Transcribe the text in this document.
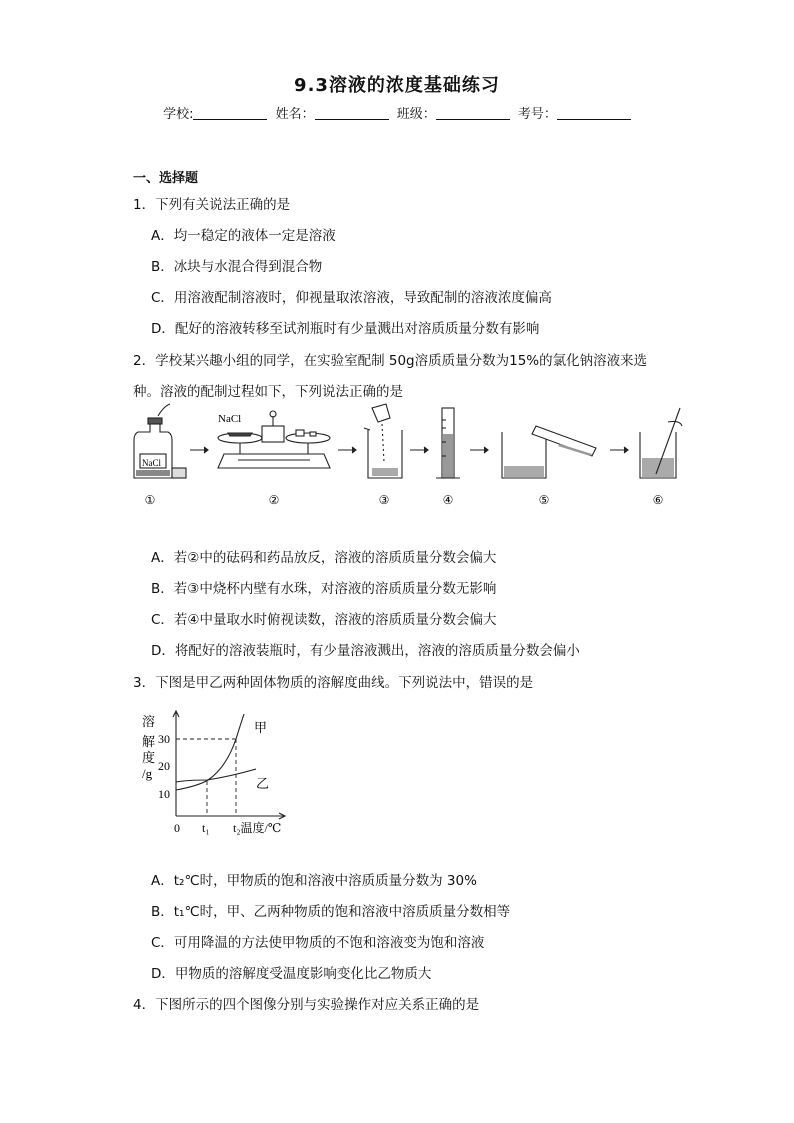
9.3溶液的浓度基础练习
学校:	姓名：	班级：	考号：
一、选择题
1．下列有关说法正确的是
A．均一稳定的液体一定是溶液
B．冰块与水混合得到混合物
C．用溶液配制溶液时，仰视量取浓溶液，导致配制的溶液浓度偏高
D．配好的溶液转移至试剂瓶时有少量溅出对溶质质量分数有影响
2．学校某兴趣小组的同学，在实验室配制 50g溶质质量分数为15%的氯化钠溶液来选
种。溶液的配制过程如下，下列说法正确的是
NaCl
NaCl
①	②	③	④	⑤	⑥
A．若②中的砝码和药品放反，溶液的溶质质量分数会偏大
B．若③中烧杯内壁有水珠，对溶液的溶质质量分数无影响
C．若④中量取水时俯视读数，溶液的溶质质量分数会偏大
D．将配好的溶液装瓶时，有少量溶液溅出，溶液的溶质质量分数会偏小
3．下图是甲乙两种固体物质的溶解度曲线。下列说法中，错误的是
溶
解
度
/g
30
20
10
0 t₁ t₂温度/℃
甲
乙
A．t₂℃时，甲物质的饱和溶液中溶质质量分数为 30%
B．t₁℃时，甲、乙两种物质的饱和溶液中溶质质量分数相等
C．可用降温的方法使甲物质的不饱和溶液变为饱和溶液
D．甲物质的溶解度受温度影响变化比乙物质大
4．下图所示的四个图像分别与实验操作对应关系正确的是
